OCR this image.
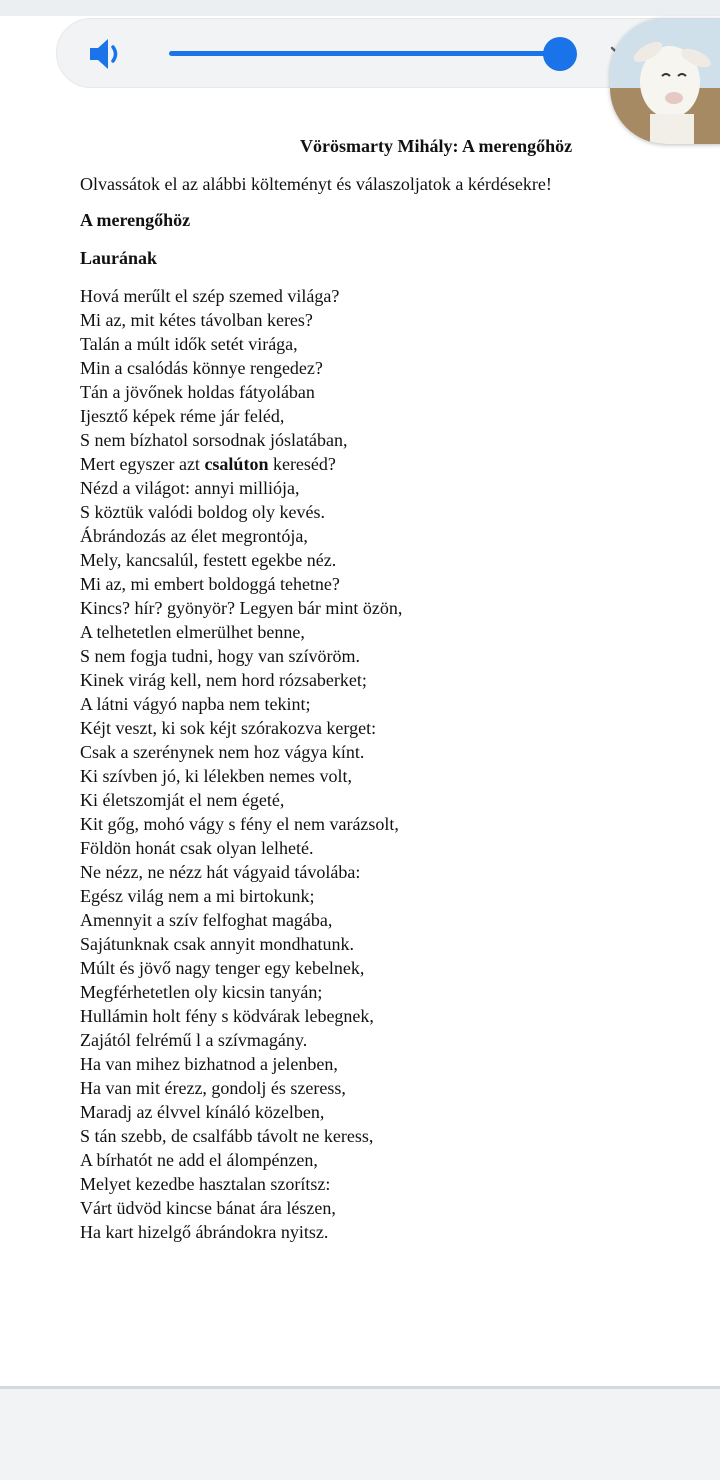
Vörösmarty Mihály: A merengőhöz

Olvassátok el az alábbi költeményt és válaszoljatok a kérdésekre!

A merengőhöz

Laurának

Hová merűlt el szép szemed világa?
Mi az, mit kétes távolban keres?
Talán a múlt idők setét virága,
Min a csalódás könnye rengedez?
Tán a jövőnek holdas fátyolában
Ijesztő képek réme jár feléd,
S nem bízhatol sorsodnak jóslatában,
Mert egyszer azt csalúton kereséd?
Nézd a világot: annyi milliója,
S köztük valódi boldog oly kevés.
Ábrándozás az élet megrontója,
Mely, kancsalúl, festett egekbe néz.
Mi az, mi embert boldoggá tehetne?
Kincs? hír? gyönyör? Legyen bár mint özön,
A telhetetlen elmerülhet benne,
S nem fogja tudni, hogy van szívöröm.
Kinek virág kell, nem hord rózsaberket;
A látni vágyó napba nem tekint;
Kéjt veszt, ki sok kéjt szórakozva kerget:
Csak a szerénynek nem hoz vágya kínt.
Ki szívben jó, ki lélekben nemes volt,
Ki életszomját el nem égeté,
Kit gőg, mohó vágy s fény el nem varázsolt,
Földön honát csak olyan lelheté.
Ne nézz, ne nézz hát vágyaid távolába:
Egész világ nem a mi birtokunk;
Amennyit a szív felfoghat magába,
Sajátunknak csak annyit mondhatunk.
Múlt és jövő nagy tenger egy kebelnek,
Megférhetetlen oly kicsin tanyán;
Hullámin holt fény s ködvárak lebegnek,
Zajától felrémű l a szívmagány.
Ha van mihez bizhatnod a jelenben,
Ha van mit érezz, gondolj és szeress,
Maradj az élvvel kínáló közelben,
S tán szebb, de csalfább távolt ne keress,
A bírhatót ne add el álompénzen,
Melyet kezedbe hasztalan szorítsz:
Várt üdvöd kincse bánat ára lészen,
Ha kart hizelgő ábrándokra nyitsz.
